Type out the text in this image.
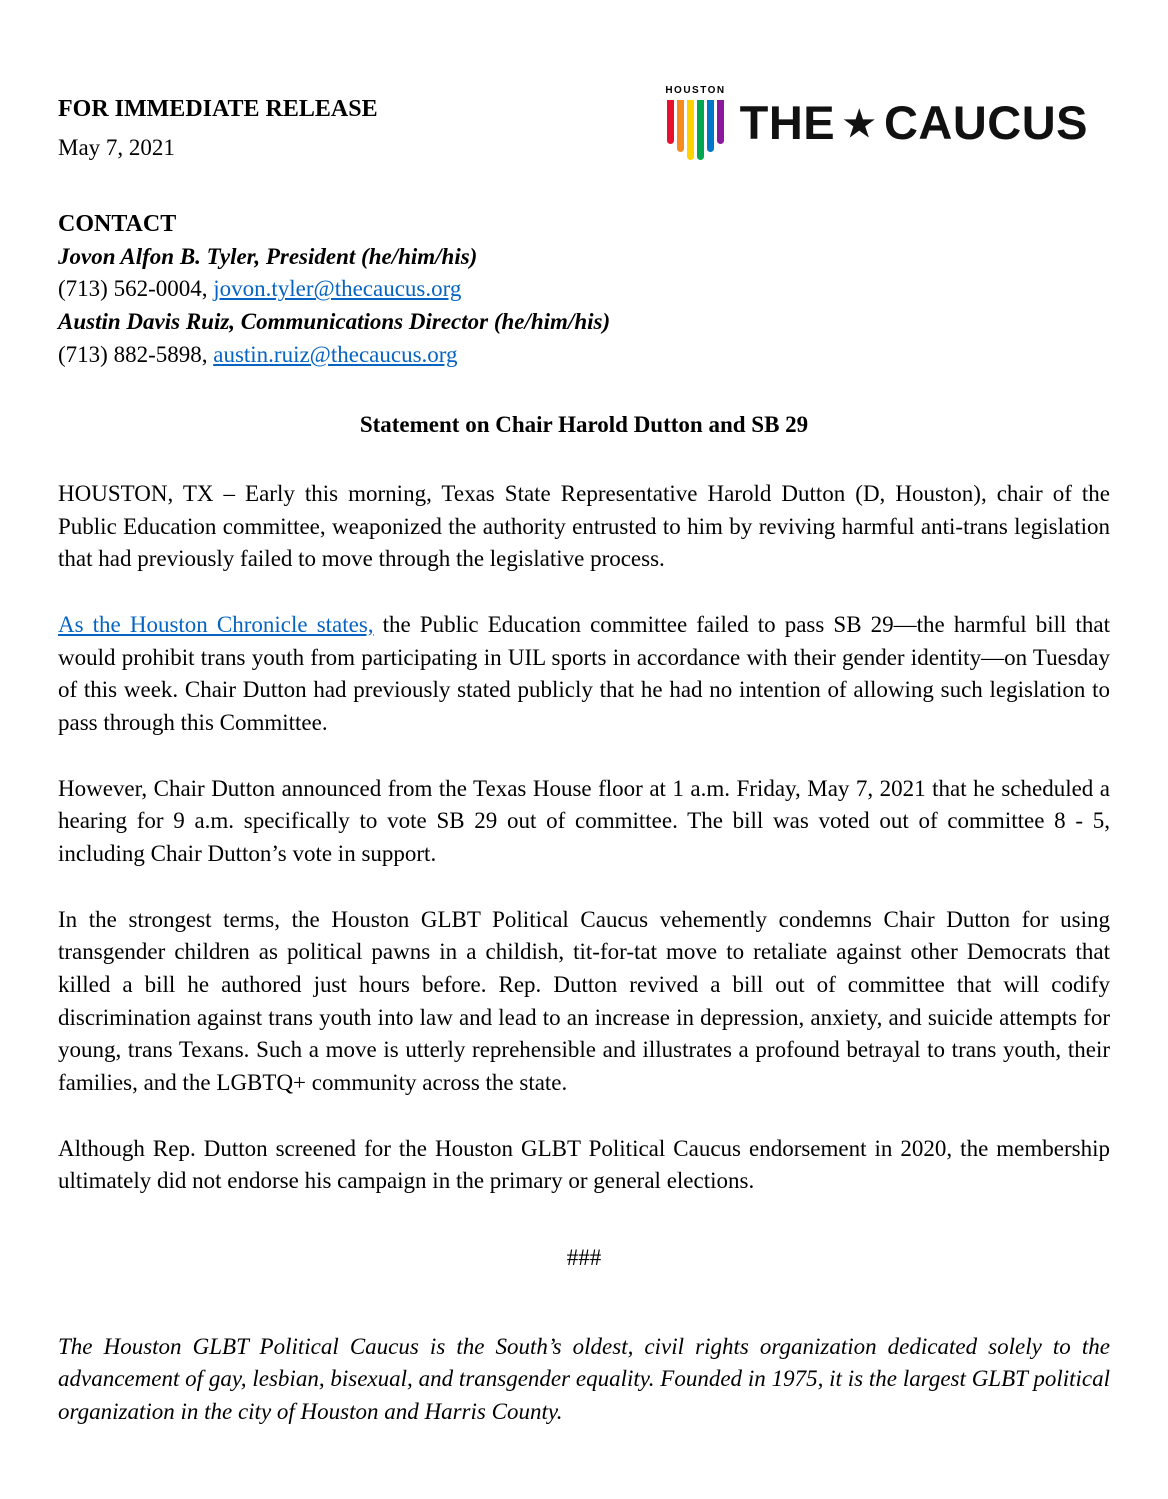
FOR IMMEDIATE RELEASE
May 7, 2021
HOUSTON
THE ★ CAUCUS
CONTACT
Jovon Alfon B. Tyler, President (he/him/his)
(713) 562-0004, jovon.tyler@thecaucus.org
Austin Davis Ruiz, Communications Director (he/him/his)
(713) 882-5898, austin.ruiz@thecaucus.org
Statement on Chair Harold Dutton and SB 29

HOUSTON, TX – Early this morning, Texas State Representative Harold Dutton (D, Houston), chair of the Public Education committee, weaponized the authority entrusted to him by reviving harmful anti-trans legislation that had previously failed to move through the legislative process.

As the Houston Chronicle states, the Public Education committee failed to pass SB 29—the harmful bill that would prohibit trans youth from participating in UIL sports in accordance with their gender identity—on Tuesday of this week. Chair Dutton had previously stated publicly that he had no intention of allowing such legislation to pass through this Committee.

However, Chair Dutton announced from the Texas House floor at 1 a.m. Friday, May 7, 2021 that he scheduled a hearing for 9 a.m. specifically to vote SB 29 out of committee. The bill was voted out of committee 8 - 5, including Chair Dutton’s vote in support.

In the strongest terms, the Houston GLBT Political Caucus vehemently condemns Chair Dutton for using transgender children as political pawns in a childish, tit-for-tat move to retaliate against other Democrats that killed a bill he authored just hours before. Rep. Dutton revived a bill out of committee that will codify discrimination against trans youth into law and lead to an increase in depression, anxiety, and suicide attempts for young, trans Texans. Such a move is utterly reprehensible and illustrates a profound betrayal to trans youth, their families, and the LGBTQ+ community across the state.

Although Rep. Dutton screened for the Houston GLBT Political Caucus endorsement in 2020, the membership ultimately did not endorse his campaign in the primary or general elections.

###

The Houston GLBT Political Caucus is the South’s oldest, civil rights organization dedicated solely to the advancement of gay, lesbian, bisexual, and transgender equality. Founded in 1975, it is the largest GLBT political organization in the city of Houston and Harris County.
